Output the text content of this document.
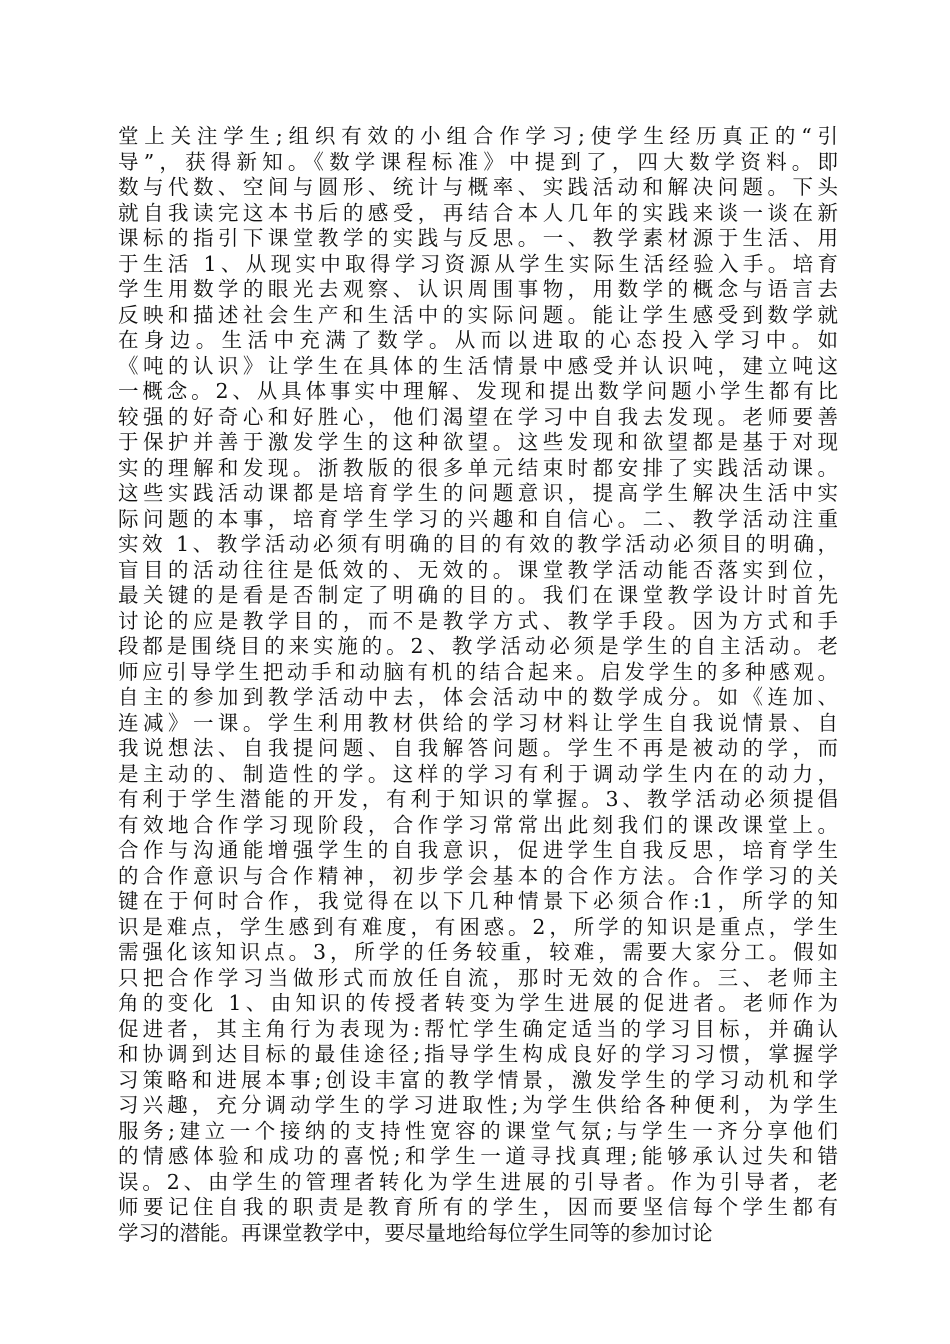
堂上关注学生;组织有效的小组合作学习;使学生经历真正的“引
导”，获得新知。《数学课程标准》中提到了，四大数学资料。即
数与代数、空间与圆形、统计与概率、实践活动和解决问题。下头
就自我读完这本书后的感受，再结合本人几年的实践来谈一谈在新
课标的指引下课堂教学的实践与反思。一、教学素材源于生活、用
于生活 1、从现实中取得学习资源从学生实际生活经验入手。培育
学生用数学的眼光去观察、认识周围事物，用数学的概念与语言去
反映和描述社会生产和生活中的实际问题。能让学生感受到数学就
在身边。生活中充满了数学。从而以进取的心态投入学习中。如
《吨的认识》让学生在具体的生活情景中感受并认识吨，建立吨这
一概念。2、从具体事实中理解、发现和提出数学问题小学生都有比
较强的好奇心和好胜心，他们渴望在学习中自我去发现。老师要善
于保护并善于激发学生的这种欲望。这些发现和欲望都是基于对现
实的理解和发现。浙教版的很多单元结束时都安排了实践活动课。
这些实践活动课都是培育学生的问题意识，提高学生解决生活中实
际问题的本事，培育学生学习的兴趣和自信心。二、教学活动注重
实效 1、教学活动必须有明确的目的有效的教学活动必须目的明确，
盲目的活动往往是低效的、无效的。课堂教学活动能否落实到位，
最关键的是看是否制定了明确的目的。我们在课堂教学设计时首先
讨论的应是教学目的，而不是教学方式、教学手段。因为方式和手
段都是围绕目的来实施的。2、教学活动必须是学生的自主活动。老
师应引导学生把动手和动脑有机的结合起来。启发学生的多种感观。
自主的参加到教学活动中去，体会活动中的数学成分。如《连加、
连减》一课。学生利用教材供给的学习材料让学生自我说情景、自
我说想法、自我提问题、自我解答问题。学生不再是被动的学，而
是主动的、制造性的学。这样的学习有利于调动学生内在的动力，
有利于学生潜能的开发，有利于知识的掌握。3、教学活动必须提倡
有效地合作学习现阶段，合作学习常常出此刻我们的课改课堂上。
合作与沟通能增强学生的自我意识，促进学生自我反思，培育学生
的合作意识与合作精神，初步学会基本的合作方法。合作学习的关
键在于何时合作，我觉得在以下几种情景下必须合作:1，所学的知
识是难点，学生感到有难度，有困惑。2，所学的知识是重点，学生
需强化该知识点。3，所学的任务较重，较难，需要大家分工。假如
只把合作学习当做形式而放任自流，那时无效的合作。三、老师主
角的变化 1、由知识的传授者转变为学生进展的促进者。老师作为
促进者，其主角行为表现为:帮忙学生确定适当的学习目标，并确认
和协调到达目标的最佳途径;指导学生构成良好的学习习惯，掌握学
习策略和进展本事;创设丰富的教学情景，激发学生的学习动机和学
习兴趣，充分调动学生的学习进取性;为学生供给各种便利，为学生
服务;建立一个接纳的支持性宽容的课堂气氛;与学生一齐分享他们
的情感体验和成功的喜悦;和学生一道寻找真理;能够承认过失和错
误。2、由学生的管理者转化为学生进展的引导者。作为引导者，老
师要记住自我的职责是教育所有的学生，因而要坚信每个学生都有
学习的潜能。再课堂教学中，要尽量地给每位学生同等的参加讨论
